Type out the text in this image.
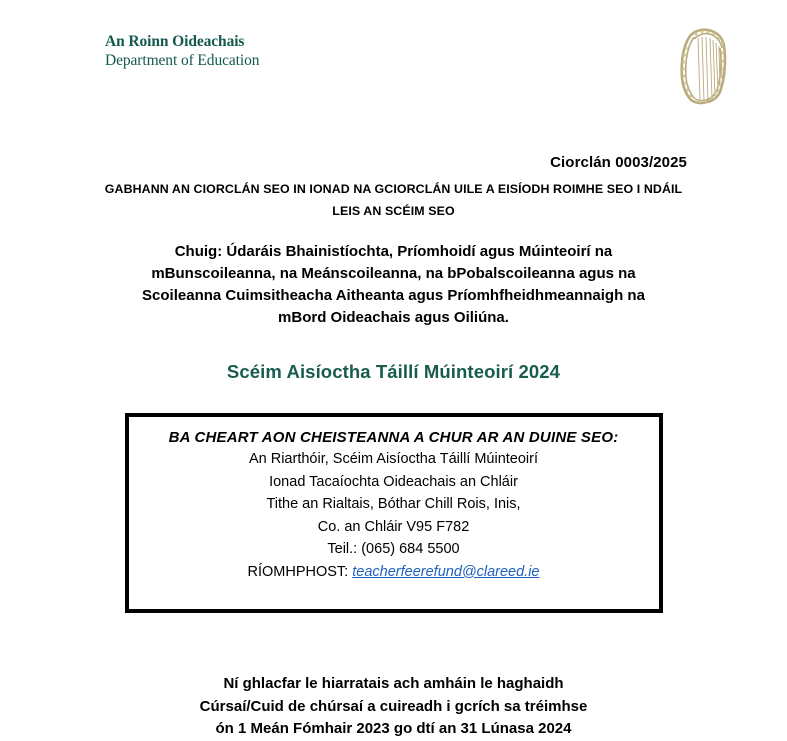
An Roinn Oideachais
Department of Education
Ciorclán 0003/2025
GABHANN AN CIORCLÁN SEO IN IONAD NA GCIORCLÁN UILE A EISÍODH ROIMHE SEO I NDÁIL
LEIS AN SCÉIM SEO
Chuig: Údaráis Bhainistíochta, Príomhoidí agus Múinteoirí na
mBunscoileanna, na Meánscoileanna, na bPobalscoileanna agus na
Scoileanna Cuimsitheacha Aitheanta agus Príomhfheidhmeannaigh na
mBord Oideachais agus Oiliúna.
Scéim Aisíoctha Táillí Múinteoirí 2024
BA CHEART AON CHEISTEANNA A CHUR AR AN DUINE SEO:
An Riarthóir, Scéim Aisíoctha Táillí Múinteoirí
Ionad Tacaíochta Oideachais an Chláir
Tithe an Rialtais, Bóthar Chill Rois, Inis,
Co. an Chláir V95 F782
Teil.: (065) 684 5500
RÍOMHPHOST: teacherfeerefund@clareed.ie
Ní ghlacfar le hiarratais ach amháin le haghaidh
Cúrsaí/Cuid de chúrsaí a cuireadh i gcrích sa tréimhse
ón 1 Meán Fómhair 2023 go dtí an 31 Lúnasa 2024
